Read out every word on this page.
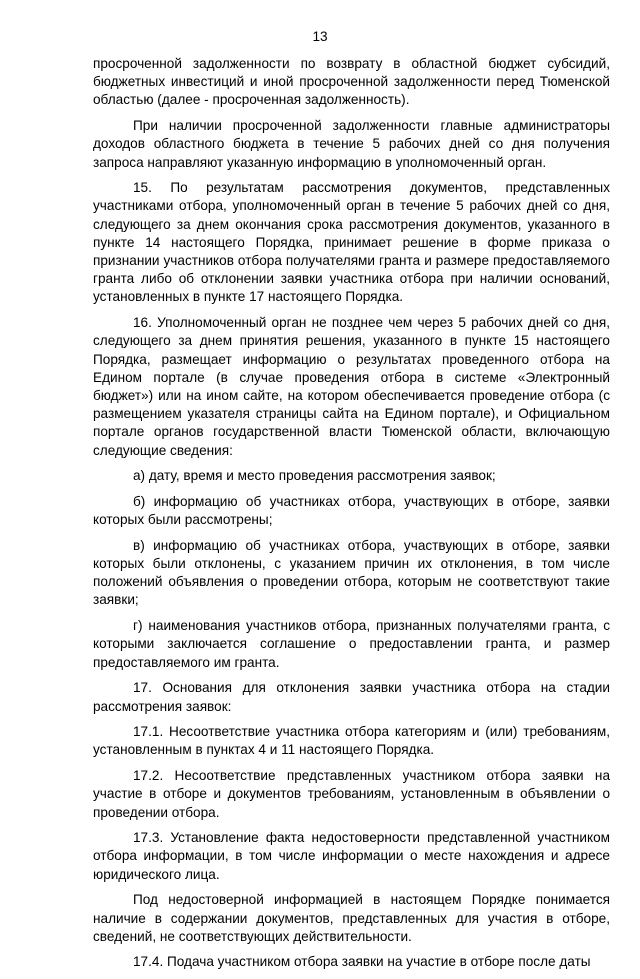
13

просроченной задолженности по возврату в областной бюджет субсидий, бюджетных инвестиций и иной просроченной задолженности перед Тюменской областью (далее - просроченная задолженность).

При наличии просроченной задолженности главные администраторы доходов областного бюджета в течение 5 рабочих дней со дня получения запроса направляют указанную информацию в уполномоченный орган.

15. По результатам рассмотрения документов, представленных участниками отбора, уполномоченный орган в течение 5 рабочих дней со дня, следующего за днем окончания срока рассмотрения документов, указанного в пункте 14 настоящего Порядка, принимает решение в форме приказа о признании участников отбора получателями гранта и размере предоставляемого гранта либо об отклонении заявки участника отбора при наличии оснований, установленных в пункте 17 настоящего Порядка.

16. Уполномоченный орган не позднее чем через 5 рабочих дней со дня, следующего за днем принятия решения, указанного в пункте 15 настоящего Порядка, размещает информацию о результатах проведенного отбора на Едином портале (в случае проведения отбора в системе «Электронный бюджет») или на ином сайте, на котором обеспечивается проведение отбора (с размещением указателя страницы сайта на Едином портале), и Официальном портале органов государственной власти Тюменской области, включающую следующие сведения:

а) дату, время и место проведения рассмотрения заявок;

б) информацию об участниках отбора, участвующих в отборе, заявки которых были рассмотрены;

в) информацию об участниках отбора, участвующих в отборе, заявки которых были отклонены, с указанием причин их отклонения, в том числе положений объявления о проведении отбора, которым не соответствуют такие заявки;

г) наименования участников отбора, признанных получателями гранта, с которыми заключается соглашение о предоставлении гранта, и размер предоставляемого им гранта.

17. Основания для отклонения заявки участника отбора на стадии рассмотрения заявок:

17.1. Несоответствие участника отбора категориям и (или) требованиям, установленным в пунктах 4 и 11 настоящего Порядка.

17.2. Несоответствие представленных участником отбора заявки на участие в отборе и документов требованиям, установленным в объявлении о проведении отбора.

17.3. Установление факта недостоверности представленной участником отбора информации, в том числе информации о месте нахождения и адресе юридического лица.

Под недостоверной информацией в настоящем Порядке понимается наличие в содержании документов, представленных для участия в отборе, сведений, не соответствующих действительности.

17.4. Подача участником отбора заявки на участие в отборе после даты
